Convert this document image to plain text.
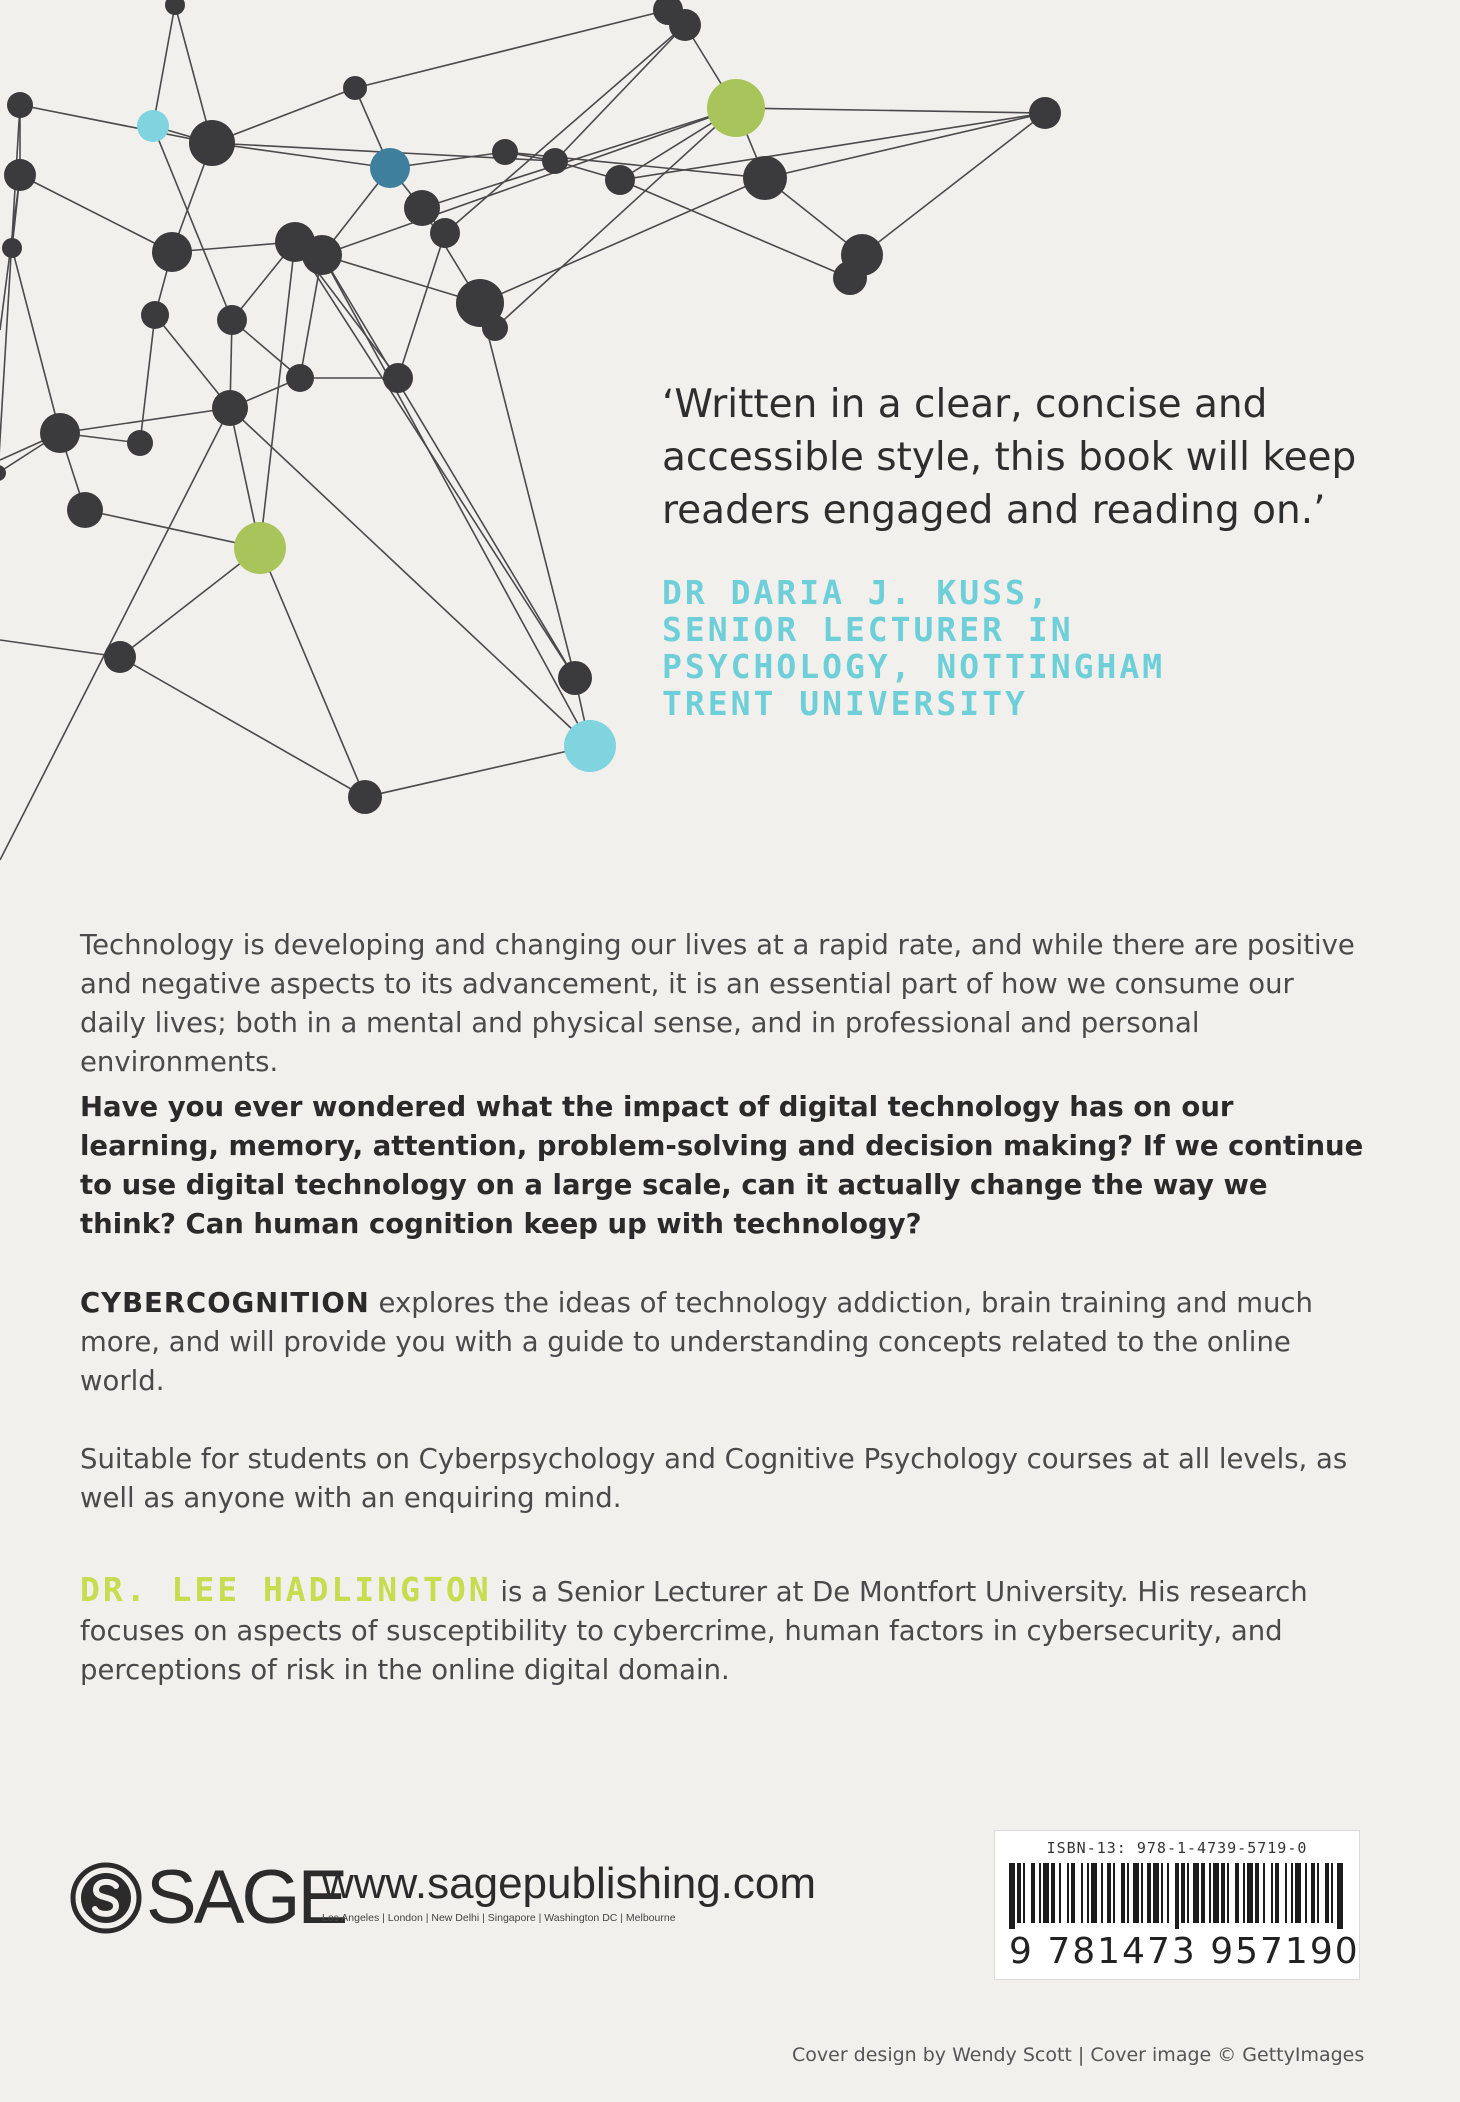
‘Written in a clear, concise and
accessible style, this book will keep
readers engaged and reading on.’
DR DARIA J. KUSS,
SENIOR LECTURER IN
PSYCHOLOGY, NOTTINGHAM
TRENT UNIVERSITY
Technology is developing and changing our lives at a rapid rate, and while there are positive and negative aspects to its advancement, it is an essential part of how we consume our daily lives; both in a mental and physical sense, and in professional and personal environments.
Have you ever wondered what the impact of digital technology has on our learning, memory, attention, problem-solving and decision making? If we continue to use digital technology on a large scale, can it actually change the way we think? Can human cognition keep up with technology?
CYBERCOGNITION explores the ideas of technology addiction, brain training and much more, and will provide you with a guide to understanding concepts related to the online world.
Suitable for students on Cyberpsychology and Cognitive Psychology courses at all levels, as well as anyone with an enquiring mind.
DR. LEE HADLINGTON is a Senior Lecturer at De Montfort University. His research focuses on aspects of susceptibility to cybercrime, human factors in cybersecurity, and perceptions of risk in the online digital domain.
SAGE
www.sagepublishing.com
Los Angeles | London | New Delhi | Singapore | Washington DC | Melbourne
ISBN-13: 978-1-4739-5719-0
9 781473 957190
Cover design by Wendy Scott | Cover image © GettyImages
